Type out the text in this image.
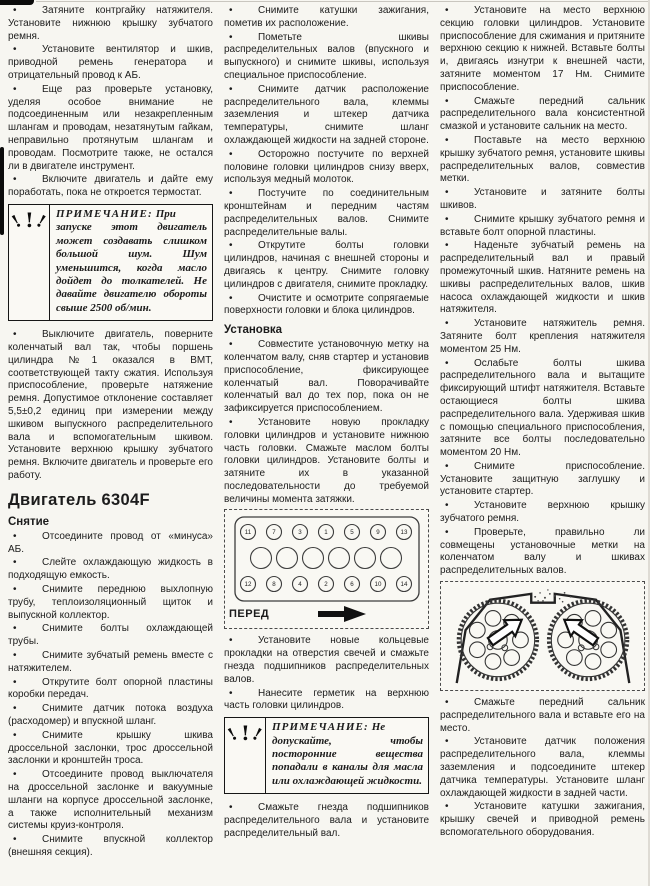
•	Затяните контргайку натяжителя. Установите нижнюю крышку зубчатого ремня.

•	Установите вентилятор и шкив, приводной ремень генератора и отрицательный провод к АБ.

•	Еще раз проверьте установку, уделяя особое внимание не подсоединенным или незакрепленным шлангам и проводам, незатянутым гайкам, неправильно протянутым шлангам и проводам. Посмотрите также, не остался ли в двигателе инструмент.

•	Включите двигатель и дайте ему поработать, пока не откроется термостат.

! !
! ПРИМЕЧАНИЕ: При запуске этот двигатель может создавать слишком большой шум. Шум уменьшится, когда масло дойдет до толкателей. Не давайте двигателю обороты свыше 2500 об/мин.

•	Выключите двигатель, поверните коленчатый вал так, чтобы поршень цилиндра №1 оказался в ВМТ, соответствующей такту сжатия. Используя приспособление, проверьте натяжение ремня. Допустимое отклонение составляет 5,5±0,2 единиц при измерении между шкивом выпускного распределительного вала и вспомогательным шкивом. Установите верхнюю крышку зубчатого ремня. Включите двигатель и проверьте его работу.

Двигатель 6304F
Снятие

•	Отсоедините провод от «минуса» АБ.

•	Слейте охлаждающую жидкость в подходящую емкость.

•	Снимите переднюю выхлопную трубу, теплоизоляционный щиток и выпускной коллектор.

•	Снимите болты охлаждающей трубы.

•	Снимите зубчатый ремень вместе с натяжителем.

•	Открутите болт опорной пластины коробки передач.

•	Снимите датчик потока воздуха (расходомер) и впускной шланг.

•	Снимите крышку шкива дроссельной заслонки, трос дроссельной заслонки и кронштейн троса.

•	Отсоедините провод выключателя на дроссельной заслонке и вакуумные шланги на корпусе дроссельной заслонке, а также исполнительный механизм системы круиз-контроля.

•	Снимите впускной коллектор (внешняя секция).

•	Снимите катушки зажигания, пометив их расположение.

•	Пометьте шкивы распределительных валов (впускного и выпускного) и снимите шкивы, используя специальное приспособление.

•	Снимите датчик расположение распределительного вала, клеммы заземления и штекер датчика температуры, снимите шланг охлаждающей жидкости на задней стороне.

•	Осторожно постучите по верхней половине головки цилиндров снизу вверх, используя медный молоток.

•	Постучите по соединительным кронштейнам и передним частям распределительных валов. Снимите распределительные валы.

•	Открутите болты головки цилиндров, начиная с внешней стороны и двигаясь к центру. Снимите головку цилиндров с двигателя, снимите прокладку.

•	Очистите и осмотрите сопрягаемые поверхности головки и блока цилиндров.

Установка

•	Совместите установочную метку на коленчатом валу, сняв стартер и установив приспособление, фиксирующее коленчатый вал. Поворачивайте коленчатый вал до тех пор, пока он не зафиксируется приспособлением.

•	Установите новую прокладку головки цилиндров и установите нижнюю часть головки. Смажьте маслом болты головки цилиндров. Установите болты и затяните их в указанной последовательности до требуемой величины момента затяжки.

11	7	3	1	5	9	13
12	8	4	2	6	10	14
ПЕРЕД

•	Установите новые кольцевые прокладки на отверстия свечей и смажьте гнезда подшипников распределительных валов.

•	Нанесите герметик на верхнюю часть головки цилиндров.

! !
! ПРИМЕЧАНИЕ: Не допускайте, чтобы посторонние вещества попадали в каналы для масла или охлаждающей жидкости.

•	Смажьте гнезда подшипников распределительного вала и установите распределительный вал.

•	Установите на место верхнюю секцию головки цилиндров. Установите приспособление для сжимания и притяните верхнюю секцию к нижней. Вставьте болты и, двигаясь изнутри к внешней части, затяните моментом 17 Нм. Снимите приспособление.

•	Смажьте передний сальник распределительного вала консистентной смазкой и установите сальник на место.

•	Поставьте на место верхнюю крышку зубчатого ремня, установите шкивы распределительных валов, совместив метки.

•	Установите и затяните болты шкивов.

•	Снимите крышку зубчатого ремня и вставьте болт опорной пластины.

•	Наденьте зубчатый ремень на распределительный вал и правый промежуточный шкив. Натяните ремень на шкивы распределительных валов, шкив насоса охлаждающей жидкости и шкив натяжителя.

•	Установите натяжитель ремня. Затяните болт крепления натяжителя моментом 25 Нм.

•	Ослабьте болты шкива распределительного вала и вытащите фиксирующий штифт натяжителя. Вставьте остающиеся болты шкива распределительного вала. Удерживая шкив с помощью специального приспособления, затяните все болты последовательно моментом 20 Нм.

•	Снимите приспособление. Установите защитную заглушку и установите стартер.

•	Установите верхнюю крышку зубчатого ремня.

•	Проверьте, правильно ли совмещены установочные метки на коленчатом валу и шкивах распределительных валов.

•	Смажьте передний сальник распределительного вала и вставьте его на место.

•	Установите датчик положения распределительного вала, клеммы заземления и подсоедините штекер датчика температуры. Установите шланг охлаждающей жидкости в задней части.

•	Установите катушки зажигания, крышку свечей и приводной ремень вспомогательного оборудования.
